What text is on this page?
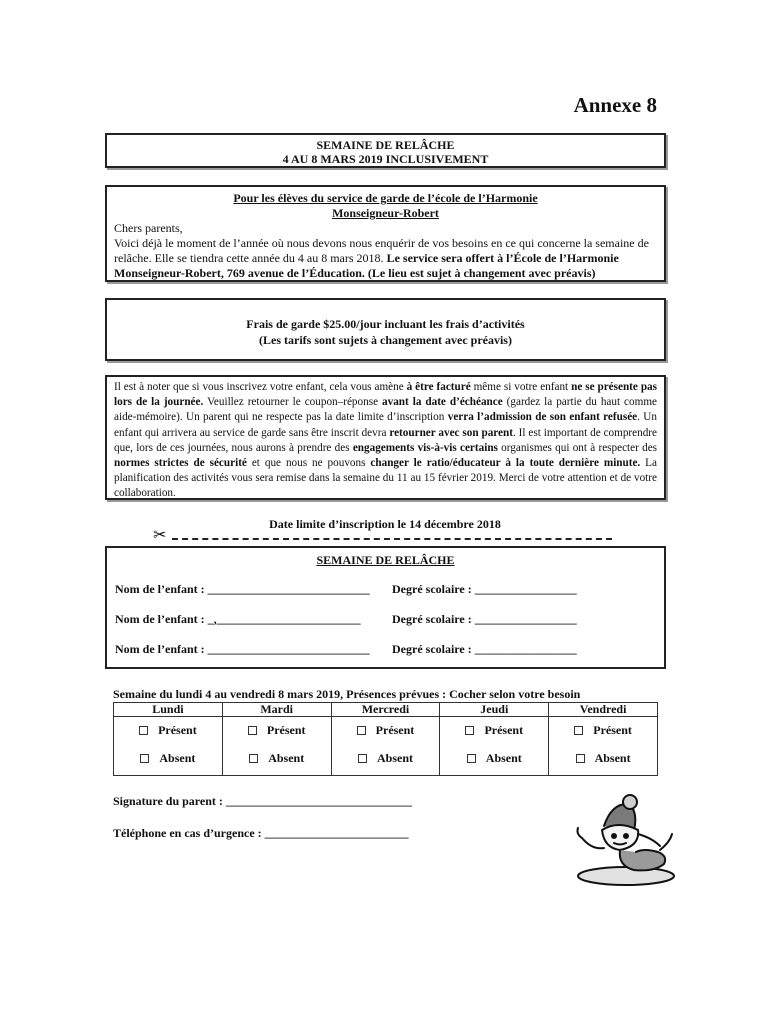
Annexe 8
SEMAINE DE RELÂCHE
4 AU 8 MARS 2019 INCLUSIVEMENT
Pour les élèves du service de garde de l’école de l’Harmonie
Monseigneur-Robert
Chers parents,
Voici déjà le moment de l’année où nous devons nous enquérir de vos besoins en ce qui concerne la semaine de relâche. Elle se tiendra cette année du 4 au 8 mars 2018. Le service sera offert à l’École de l’Harmonie Monseigneur-Robert, 769 avenue de l’Éducation. (Le lieu est sujet à changement avec préavis)
Frais de garde $25.00/jour incluant les frais d’activités
(Les tarifs sont sujets à changement avec préavis)
Il est à noter que si vous inscrivez votre enfant, cela vous amène à être facturé même si votre enfant ne se présente pas lors de la journée. Veuillez retourner le coupon–réponse avant la date d’échéance (gardez la partie du haut comme aide-mémoire). Un parent qui ne respecte pas la date limite d’inscription verra l’admission de son enfant refusée. Un enfant qui arrivera au service de garde sans être inscrit devra retourner avec son parent. Il est important de comprendre que, lors de ces journées, nous aurons à prendre des engagements vis-à-vis certains organismes qui ont à respecter des normes strictes de sécurité et que nous ne pouvons changer le ratio/éducateur à la toute dernière minute. La planification des activités vous sera remise dans la semaine du 11 au 15 février 2019. Merci de votre attention et de votre collaboration.
Date limite d’inscription le 14 décembre 2018
✂
SEMAINE DE RELÂCHE
Nom de l’enfant : ___________________________ Degré scolaire : _________________
Nom de l’enfant : _,________________________	Degré scolaire : _________________
Nom de l’enfant : ___________________________ Degré scolaire : _________________
Semaine du lundi 4 au vendredi 8 mars 2019, Présences prévues : Cocher selon votre besoin
Lundi	Mardi	Mercredi	Jeudi	Vendredi
Présent	Présent	Présent	Présent	Présent
Absent	Absent	Absent	Absent	Absent
Signature du parent : _______________________________
Téléphone en cas d’urgence : ________________________
